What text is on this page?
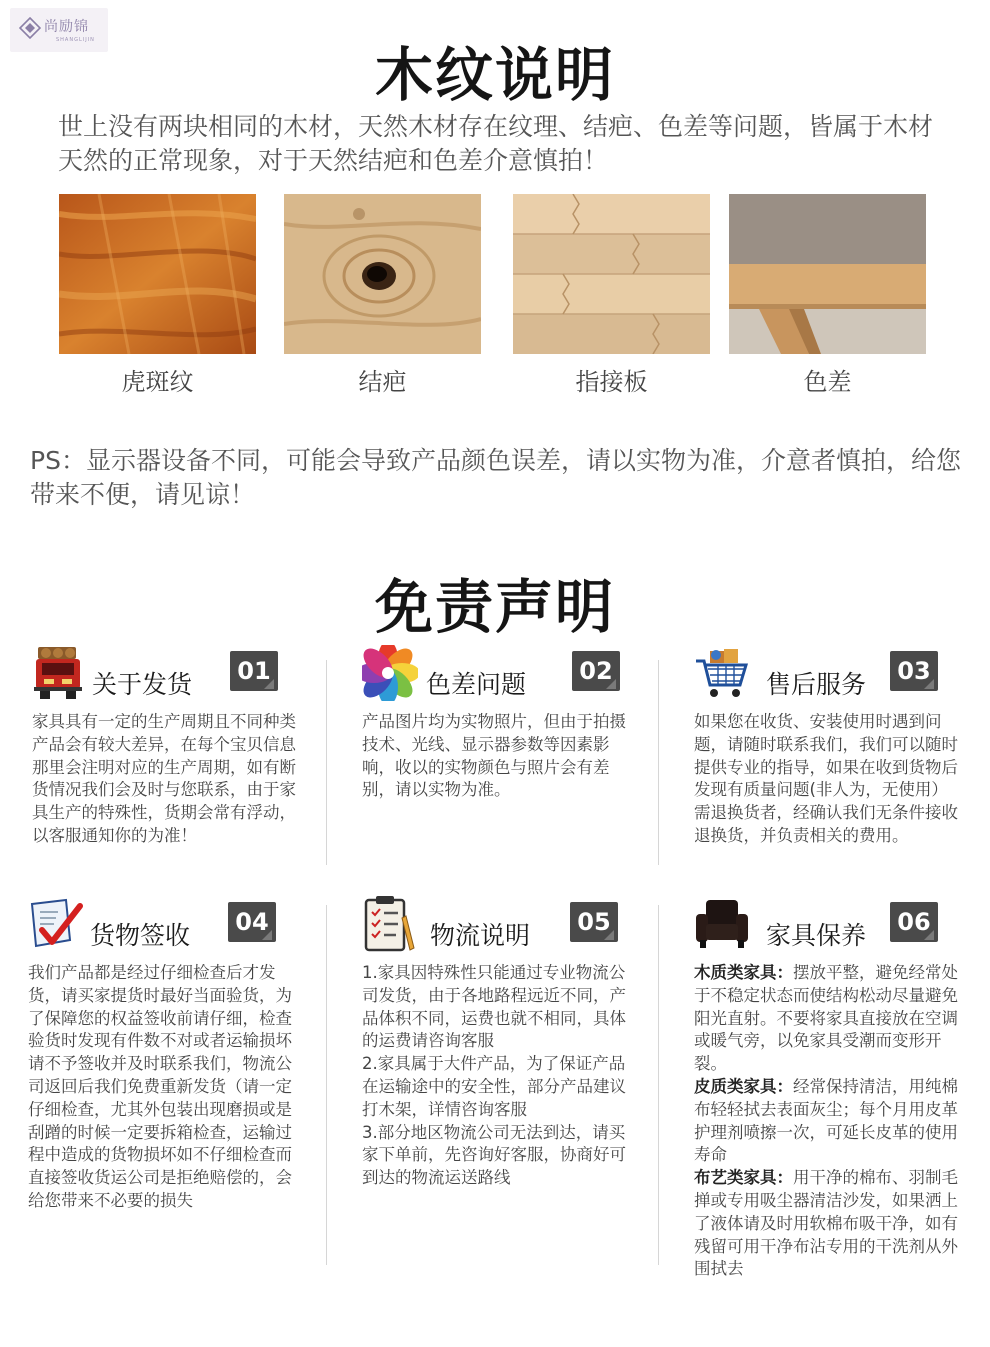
尚励锦
SHANGLIJIN
木纹说明
世上没有两块相同的木材，天然木材存在纹理、结疤、色差等问题，皆属于木材天然的正常现象，对于天然结疤和色差介意慎拍！
虎斑纹	结疤	指接板	色差
PS：显示器设备不同，可能会导致产品颜色误差，请以实物为准，介意者慎拍，给您带来不便，请见谅！
免责声明
关于发货	01
家具具有一定的生产周期且不同种类产品会有较大差异，在每个宝贝信息那里会注明对应的生产周期，如有断货情况我们会及时与您联系，由于家具生产的特殊性，货期会常有浮动，以客服通知你的为准！
色差问题	02
产品图片均为实物照片，但由于拍摄技术、光线、显示器参数等因素影响，收以的实物颜色与照片会有差别，请以实物为准。
售后服务	03
如果您在收货、安装使用时遇到问题，请随时联系我们，我们可以随时提供专业的指导，如果在收到货物后发现有质量问题(非人为，无使用）需退换货者，经确认我们无条件接收退换货，并负责相关的费用。
货物签收	04
我们产品都是经过仔细检查后才发货，请买家提货时最好当面验货，为了保障您的权益签收前请仔细，检查验货时发现有件数不对或者运输损坏请不予签收并及时联系我们，物流公司返回后我们免费重新发货（请一定仔细检查，尤其外包装出现磨损或是刮蹭的时候一定要拆箱检查，运输过程中造成的货物损坏如不仔细检查而直接签收货运公司是拒绝赔偿的，会给您带来不必要的损失
物流说明	05
1.家具因特殊性只能通过专业物流公司发货，由于各地路程远近不同，产品体积不同，运费也就不相同，具体的运费请咨询客服
2.家具属于大件产品，为了保证产品在运输途中的安全性，部分产品建议打木架，详情咨询客服
3.部分地区物流公司无法到达，请买家下单前，先咨询好客服，协商好可到达的物流运送路线
家具保养	06
木质类家具：摆放平整，避免经常处于不稳定状态而使结构松动尽量避免阳光直射。不要将家具直接放在空调或暖气旁，以免家具受潮而变形开裂。
皮质类家具：经常保持清洁，用纯棉布轻轻拭去表面灰尘；每个月用皮革护理剂喷擦一次，可延长皮革的使用寿命
布艺类家具：用干净的棉布、羽制毛掸或专用吸尘器清洁沙发，如果洒上了液体请及时用软棉布吸干净，如有残留可用干净布沾专用的干洗剂从外围拭去
